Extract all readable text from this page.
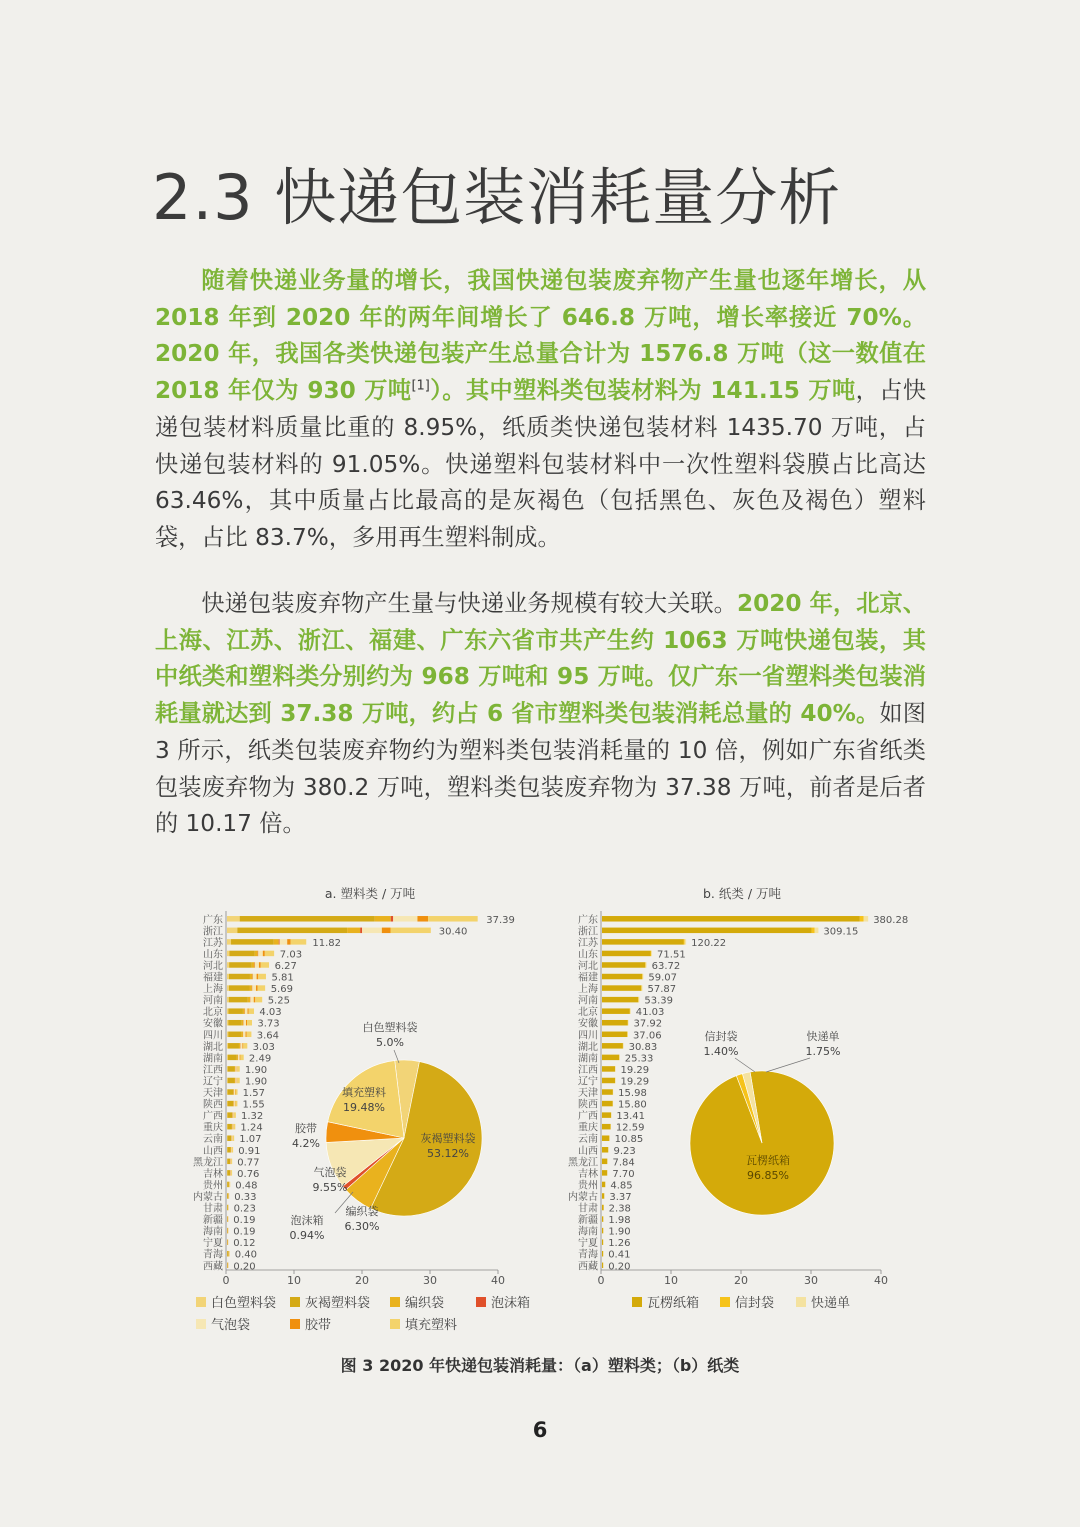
2.3 快递包装消耗量分析

随着快递业务量的增长，我国快递包装废弃物产生量也逐年增长，从 2018 年到 2020 年的两年间增长了 646.8 万吨，增长率接近 70%。2020 年，我国各类快递包装产生总量合计为 1576.8 万吨（这一数值在 2018 年仅为 930 万吨[1]）。其中塑料类包装材料为 141.15 万吨，占快递包装材料质量比重的 8.95%，纸质类快递包装材料 1435.70 万吨，占快递包装材料的 91.05%。快递塑料包装材料中一次性塑料袋膜占比高达 63.46%，其中质量占比最高的是灰褐色（包括黑色、灰色及褐色）塑料袋，占比 83.7%，多用再生塑料制成。

快递包装废弃物产生量与快递业务规模有较大关联。2020 年，北京、上海、江苏、浙江、福建、广东六省市共产生约 1063 万吨快递包装，其中纸类和塑料类分别约为 968 万吨和 95 万吨。仅广东一省塑料类包装消耗量就达到 37.38 万吨，约占 6 省市塑料类包装消耗总量的 40%。如图 3 所示，纸类包装废弃物约为塑料类包装消耗量的 10 倍，例如广东省纸类包装废弃物为 380.2 万吨，塑料类包装废弃物为 37.38 万吨，前者是后者的 10.17 倍。

a. 塑料类 / 万吨
0	10	20	30	40
广东	37.39
浙江	30.40
江苏	11.82
山东	7.03
河北	6.27
福建	5.81
上海	5.69
河南	5.25
北京	4.03
安徽	3.73
四川	3.64
湖北	3.03
湖南	2.49
江西 1.90
辽宁 1.90
天津 1.57
陕西 1.55
广西 1.32
重庆 1.24
云南 1.07
山西 0.91
黑龙江 0.77
吉林 0.76
贵州 0.48
内蒙古 0.33
甘肃 0.23
新疆 0.19
海南 0.19
宁夏 0.12
青海 0.40
西藏 0.20
白色塑料袋
5.0%
灰褐塑料袋
53.12%
编织袋
6.30%
泡沫箱
0.94%
气泡袋
9.55%
胶带
4.2%
填充塑料
19.48%
白色塑料袋 灰褐塑料袋	编织袋	泡沫箱
气泡袋	胶带	填充塑料
b. 纸类 / 万吨
0	10	20	30	40
广东	380.28
浙江	309.15
江苏	120.22
山东	71.51
河北	63.72
福建	59.07
上海	57.87
河南	53.39
北京	41.03
安徽	37.92
四川	37.06
湖北	30.83
湖南	25.33
江西 19.29
辽宁 19.29
天津 15.98
陕西 15.80
广西 13.41
重庆 12.59
云南 10.85
山西 9.23
黑龙江 7.84
吉林 7.70
贵州 4.85
内蒙古 3.37
甘肃 2.38
新疆 1.98
海南 1.90
宁夏 1.26
青海 0.41
西藏 0.20
瓦楞纸箱
96.85%
信封袋
1.40%
快递单
1.75%
瓦楞纸箱	信封袋	快递单
图 3 2020 年快递包装消耗量：（a）塑料类；（b）纸类
6
